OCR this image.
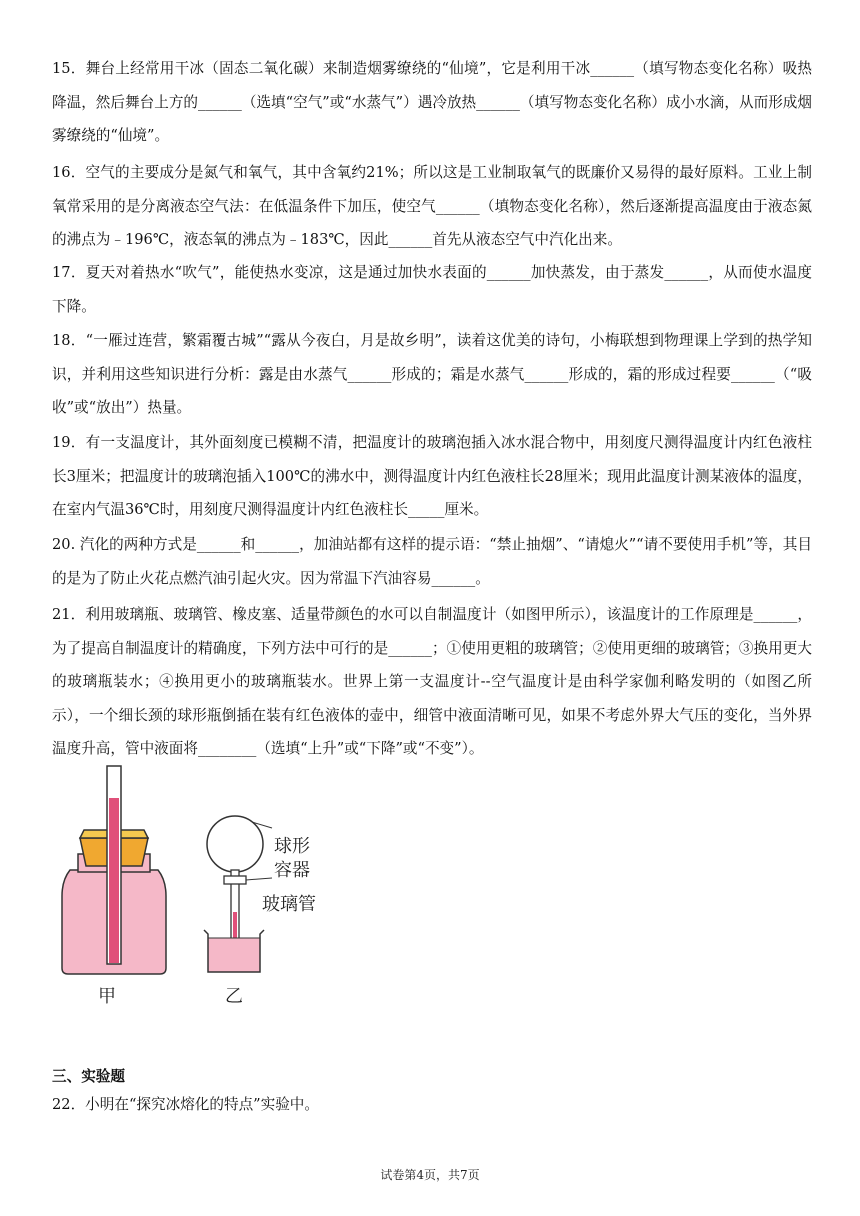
15．舞台上经常用干冰（固态二氧化碳）来制造烟雾缭绕的“仙境”，它是利用干冰______（填写物态变化名称）吸热降温，然后舞台上方的______（选填“空气”或“水蒸气”）遇冷放热______（填写物态变化名称）成小水滴，从而形成烟雾缭绕的“仙境”。

16．空气的主要成分是氮气和氧气，其中含氧约21%；所以这是工业制取氧气的既廉价又易得的最好原料。工业上制氧常采用的是分离液态空气法：在低温条件下加压，使空气______（填物态变化名称），然后逐渐提高温度由于液态氮的沸点为﹣196℃，液态氧的沸点为﹣183℃，因此______首先从液态空气中汽化出来。

17．夏天对着热水“吹气”，能使热水变凉，这是通过加快水表面的______加快蒸发，由于蒸发______，从而使水温度下降。

18．“一雁过连营，繁霜覆古城”“露从今夜白，月是故乡明”，读着这优美的诗句，小梅联想到物理课上学到的热学知识，并利用这些知识进行分析：露是由水蒸气______形成的；霜是水蒸气______形成的，霜的形成过程要______（“吸收”或“放出”）热量。

19．有一支温度计，其外面刻度已模糊不清，把温度计的玻璃泡插入冰水混合物中，用刻度尺测得温度计内红色液柱长3厘米；把温度计的玻璃泡插入100℃的沸水中，测得温度计内红色液柱长28厘米；现用此温度计测某液体的温度，在室内气温36℃时，用刻度尺测得温度计内红色液柱长_____厘米。

20. 汽化的两种方式是______和______，加油站都有这样的提示语：“禁止抽烟”、“请熄火”“请不要使用手机”等，其目的是为了防止火花点燃汽油引起火灾。因为常温下汽油容易______。

21．利用玻璃瓶、玻璃管、橡皮塞、适量带颜色的水可以自制温度计（如图甲所示），该温度计的工作原理是______，为了提高自制温度计的精确度，下列方法中可行的是______；①使用更粗的玻璃管；②使用更细的玻璃管；③换用更大的玻璃瓶装水；④换用更小的玻璃瓶装水。世界上第一支温度计--空气温度计是由科学家伽利略发明的（如图乙所示），一个细长颈的球形瓶倒插在装有红色液体的壶中，细管中液面清晰可见，如果不考虑外界大气压的变化，当外界温度升高，管中液面将________（选填“上升”或“下降”或“不变”）。

甲
球形
容器
玻璃管
乙
三、实验题
22．小明在“探究冰熔化的特点”实验中。
试卷第4页，共7页
